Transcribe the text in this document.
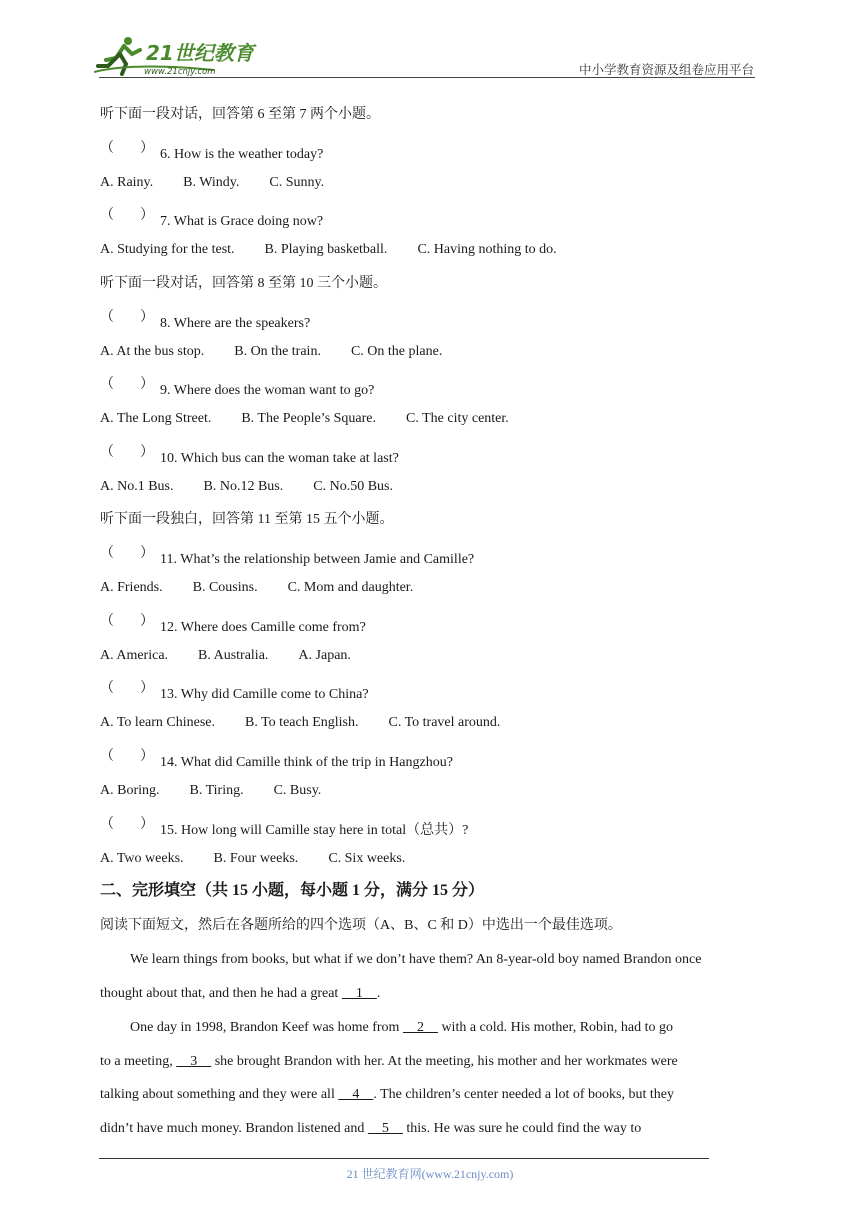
21世纪教育
www.21cnjy.com	中小学教育资源及组卷应用平台
听下面一段对话，回答第 6 至第 7 两个小题。
（ ） 6. How is the weather today?
A. Rainy. B. Windy. C. Sunny.
（ ） 7. What is Grace doing now?
A. Studying for the test. B. Playing basketball. C. Having nothing to do.
听下面一段对话，回答第 8 至第 10 三个小题。
（ ） 8. Where are the speakers?
A. At the bus stop. B. On the train. C. On the plane.
（ ） 9. Where does the woman want to go?
A. The Long Street. B. The People’s Square. C. The city center.
（ ） 10. Which bus can the woman take at last?
A. No.1 Bus. B. No.12 Bus. C. No.50 Bus.
听下面一段独白，回答第 11 至第 15 五个小题。
（ ） 11. What’s the relationship between Jamie and Camille?
A. Friends. B. Cousins. C. Mom and daughter.
（ ） 12. Where does Camille come from?
A. America. B. Australia. A. Japan.
（ ） 13. Why did Camille come to China?
A. To learn Chinese. B. To teach English. C. To travel around.
（ ） 14. What did Camille think of the trip in Hangzhou?
A. Boring. B. Tiring. C. Busy.
（ ） 15. How long will Camille stay here in total（总共）?
A. Two weeks. B. Four weeks. C. Six weeks.
二、完形填空（共 15 小题，每小题 1 分，满分 15 分）
阅读下面短文，然后在各题所给的四个选项（A、B、C 和 D）中选出一个最佳选项。
We learn things from books, but what if we don’t have them? An 8-year-old boy named Brandon once
thought about that, and then he had a great     1    .
One day in 1998, Brandon Keef was home from     2     with a cold. His mother, Robin, had to go
to a meeting,     3     she brought Brandon with her. At the meeting, his mother and her workmates were
talking about something and they were all     4    . The children’s center needed a lot of books, but they
didn’t have much money. Brandon listened and     5     this. He was sure he could find the way to
21 世纪教育网(www.21cnjy.com)
